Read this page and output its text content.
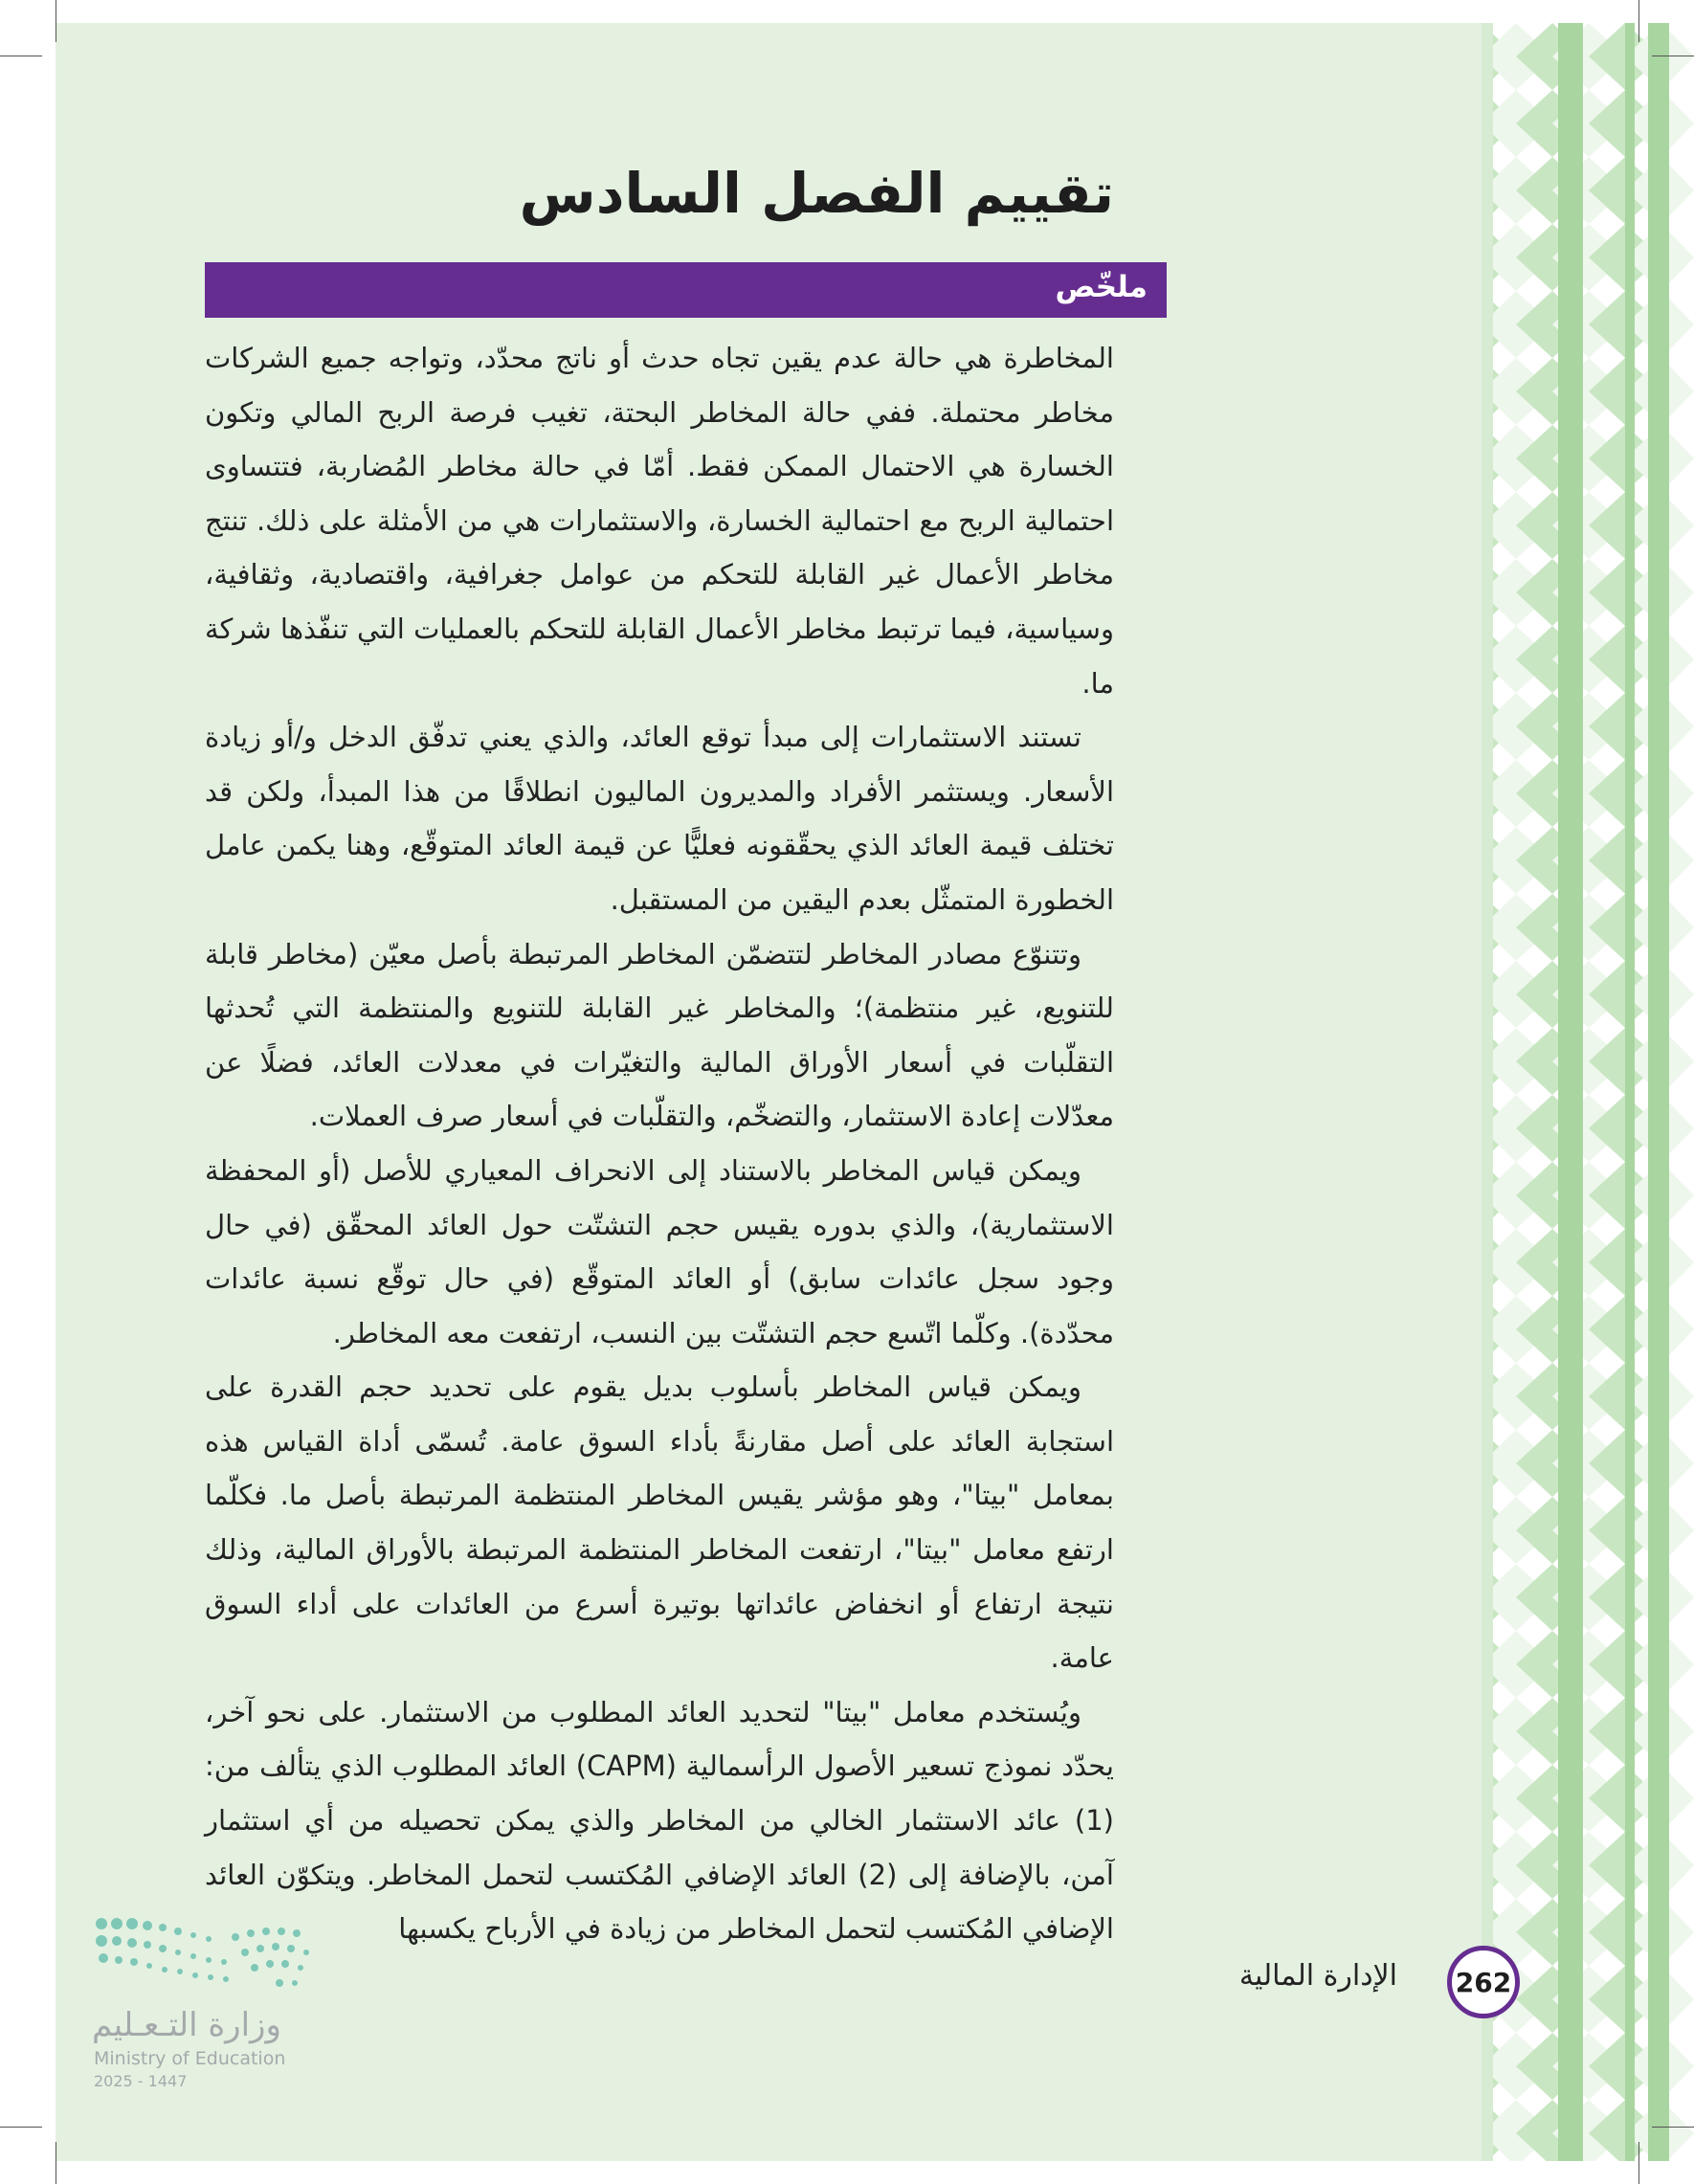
تقييم الفصل السادس
ملخّص

المخاطرة هي حالة عدم يقين تجاه حدث أو ناتج محدّد، وتواجه جميع الشركات مخاطر محتملة. ففي حالة المخاطر البحتة، تغيب فرصة الربح المالي وتكون الخسارة هي الاحتمال الممكن فقط. أمّا في حالة مخاطر المُضاربة، فتتساوى احتمالية الربح مع احتمالية الخسارة، والاستثمارات هي من الأمثلة على ذلك. تنتج مخاطر الأعمال غير القابلة للتحكم من عوامل جغرافية، واقتصادية، وثقافية، وسياسية، فيما ترتبط مخاطر الأعمال القابلة للتحكم بالعمليات التي تنفّذها شركة ما.

تستند الاستثمارات إلى مبدأ توقع العائد، والذي يعني تدفّق الدخل و/أو زيادة الأسعار. ويستثمر الأفراد والمديرون الماليون انطلاقًا من هذا المبدأ، ولكن قد تختلف قيمة العائد الذي يحقّقونه فعليًّا عن قيمة العائد المتوقّع، وهنا يكمن عامل الخطورة المتمثّل بعدم اليقين من المستقبل.

وتتنوّع مصادر المخاطر لتتضمّن المخاطر المرتبطة بأصل معيّن (مخاطر قابلة للتنويع، غير منتظمة)؛ والمخاطر غير القابلة للتنويع والمنتظمة التي تُحدثها التقلّبات في أسعار الأوراق المالية والتغيّرات في معدلات العائد، فضلًا عن معدّلات إعادة الاستثمار، والتضخّم، والتقلّبات في أسعار صرف العملات.

ويمكن قياس المخاطر بالاستناد إلى الانحراف المعياري للأصل (أو المحفظة الاستثمارية)، والذي بدوره يقيس حجم التشتّت حول العائد المحقّق (في حال وجود سجل عائدات سابق) أو العائد المتوقّع (في حال توقّع نسبة عائدات محدّدة). وكلّما اتّسع حجم التشتّت بين النسب، ارتفعت معه المخاطر.

ويمكن قياس المخاطر بأسلوب بديل يقوم على تحديد حجم القدرة على استجابة العائد على أصل مقارنةً بأداء السوق عامة. تُسمّى أداة القياس هذه بمعامل "بيتا"، وهو مؤشر يقيس المخاطر المنتظمة المرتبطة بأصل ما. فكلّما ارتفع معامل "بيتا"، ارتفعت المخاطر المنتظمة المرتبطة بالأوراق المالية، وذلك نتيجة ارتفاع أو انخفاض عائداتها بوتيرة أسرع من العائدات على أداء السوق عامة.

ويُستخدم معامل "بيتا" لتحديد العائد المطلوب من الاستثمار. على نحو آخر، يحدّد نموذج تسعير الأصول الرأسمالية (CAPM) العائد المطلوب الذي يتألف من: (1) عائد الاستثمار الخالي من المخاطر والذي يمكن تحصيله من أي استثمار آمن، بالإضافة إلى (2) العائد الإضافي المُكتسب لتحمل المخاطر. ويتكوّن العائد الإضافي المُكتسب لتحمل المخاطر من زيادة في الأرباح يكسبها

الإدارة المالية 262
وزارة التـعـليم
Ministry of Education
2025 - 1447
